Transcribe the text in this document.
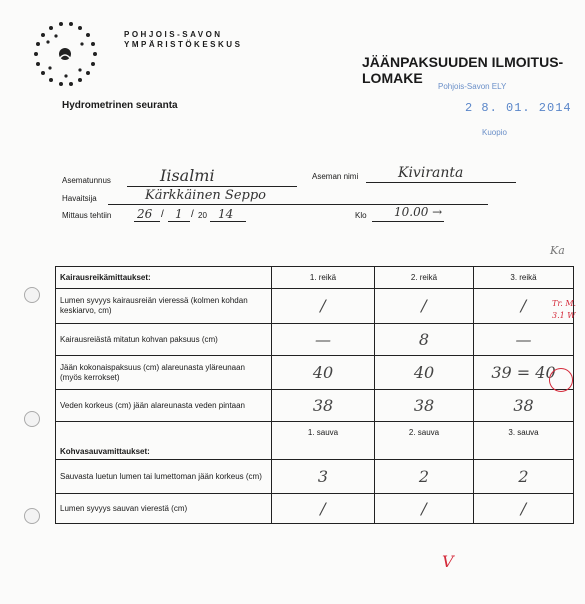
POHJOIS-SAVON
YMPÄRISTÖKESKUS
JÄÄNPAKSUUDEN ILMOITUS-
LOMAKE
Pohjois-Savon ELY
2 8. 01. 2014
Kuopio
Hydrometrinen seuranta
Asematunnus	Iisalmi	Aseman nimi	Kiviranta
Havaitsija	Kärkkäinen Seppo
Mittaus tehtiin 26 / 1 / 20 14	Klo 10.00 →
Ka
Kairausreikämittaukset:	1. reikä	2. reikä	3. reikä
Lumen syvyys kairausreiän vieressä (kolmen kohdan keskiarvo, cm)	/	/	/
Kairausreiästä mitatun kohvan paksuus (cm)	—	8	—
Jään kokonaispaksuus (cm) alareunasta yläreunaan (myös kerrokset)	40	40	39 = 40
Veden korkeus (cm) jään alareunasta veden pintaan	38	38	38
Kohvasauvamittaukset:	1. sauva	2. sauva	3. sauva
Sauvasta luetun lumen tai lumettoman jään korkeus (cm)	3	2	2
Lumen syvyys sauvan vierestä (cm)	/	/	/
Tr. M. 3.1 W
V
